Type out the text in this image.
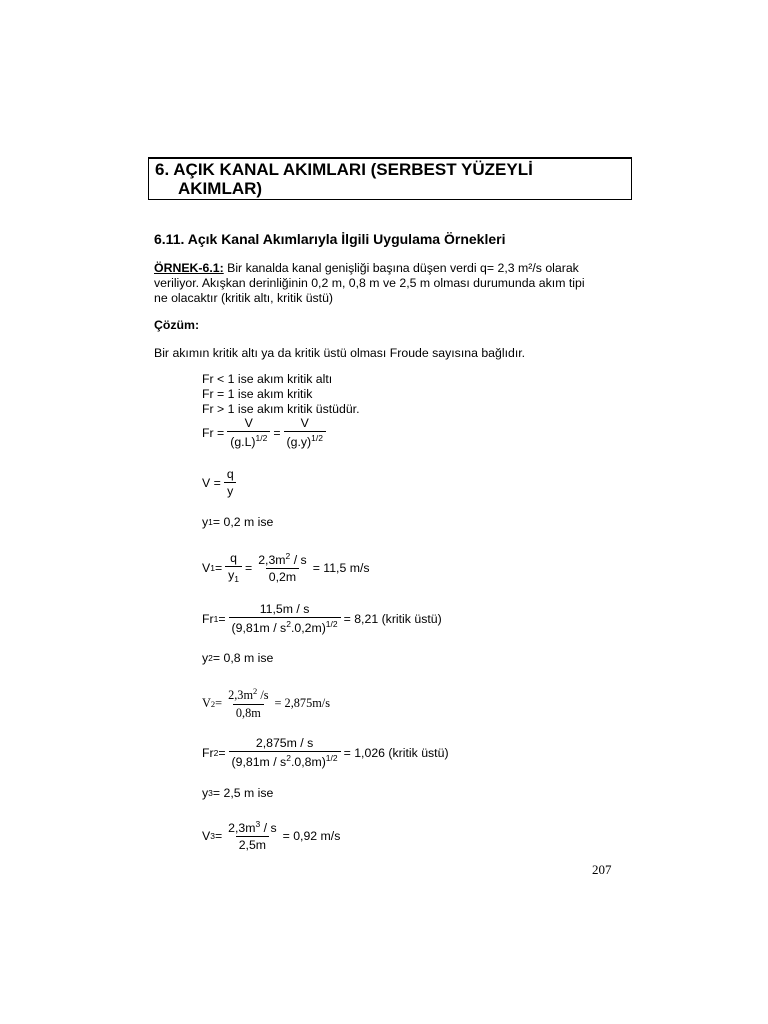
6. AÇIK KANAL AKIMLARI (SERBEST YÜZEYLİ
AKIMLAR)
6.11. Açık Kanal Akımlarıyla İlgili Uygulama Örnekleri
ÖRNEK-6.1: Bir kanalda kanal genişliği başına düşen verdi q= 2,3 m²/s olarak
veriliyor. Akışkan derinliğinin 0,2 m, 0,8 m ve 2,5 m olması durumunda akım tipi
ne olacaktır (kritik altı, kritik üstü)
Çözüm:
Bir akımın kritik altı ya da kritik üstü olması Froude sayısına bağlıdır.
Fr < 1 ise akım kritik altı
Fr = 1 ise akım kritik
Fr > 1 ise akım kritik üstüdür.
$Fr = \frac{V}{(g.L)^{1/2}} = \frac{V}{(g.y)^{1/2}}$
$V = \frac{q}{y}$
y 1 = 0,2 m ise
V $1 = \frac{q}{y_1} = \frac{2,3m^2 / s}{0,2m} = 11,5$ m/s
Fr $1 = \frac{11,5m / s}{(9,81m / s^2.0,2m)^{1/2}} = 8,21$ (kritik üstü)
y 2 = 0,8 m ise
V $2 = \frac{2,3m^2 /s}{0,8m} = 2,875m/s$
Fr $2 = \frac{2,875m / s}{(9,81m / s^2.0,8m)^{1/2}} = 1,026$ (kritik üstü)
y 3 = 2,5 m ise
V $3 = \frac{2,3m^3 / s}{2,5m} = 0,92$ m/s
207
